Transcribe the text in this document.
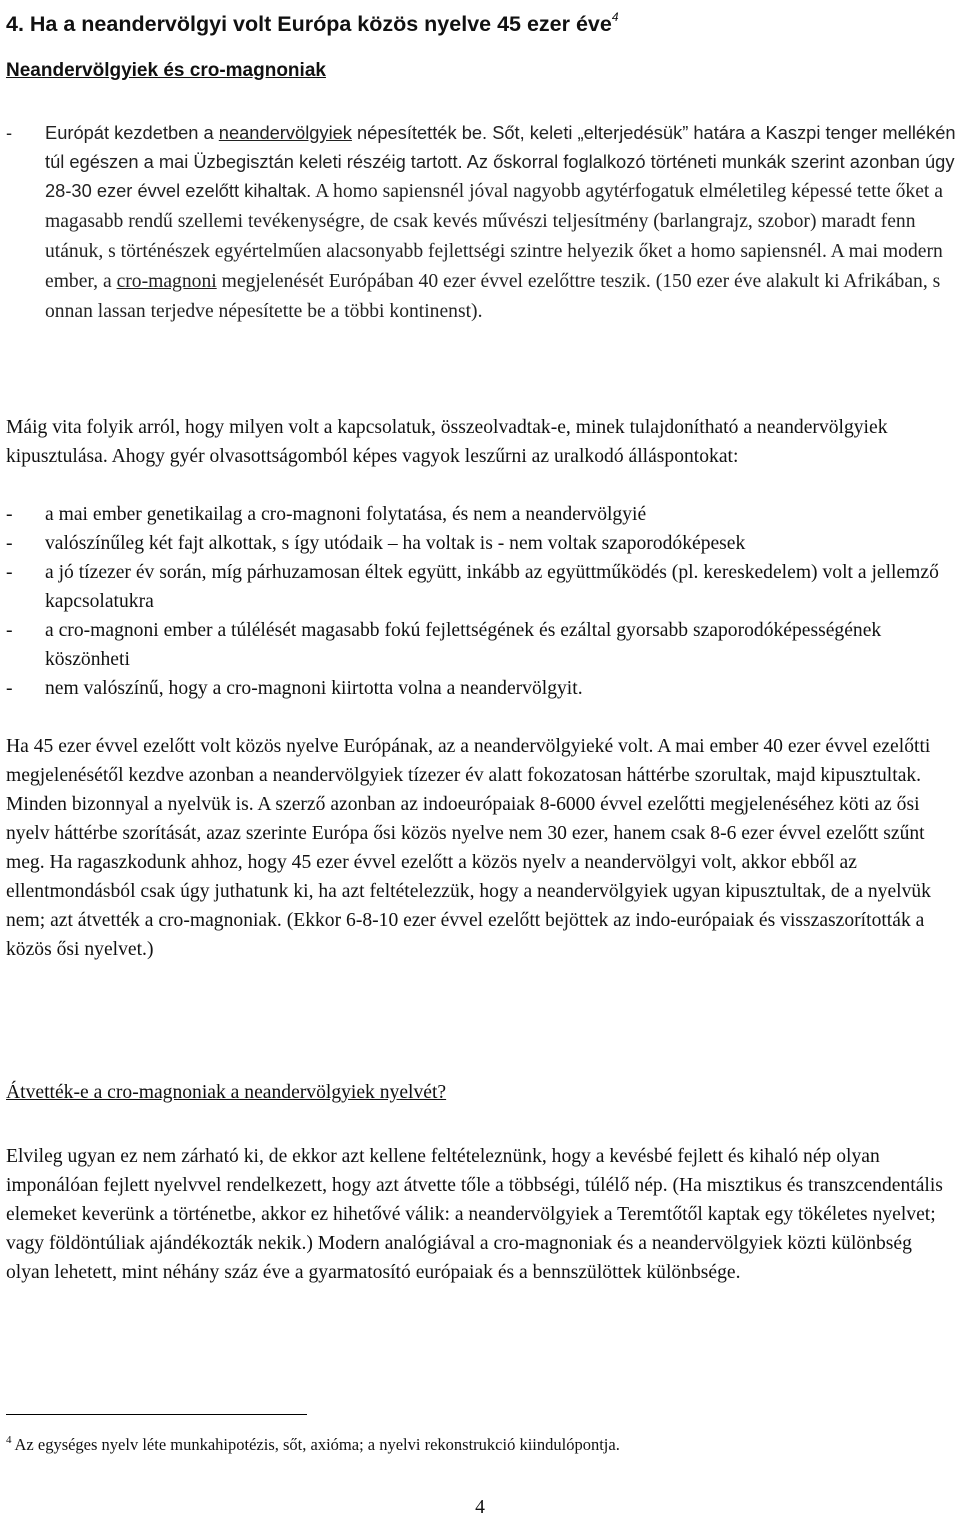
4. Ha a neandervölgyi volt Európa közös nyelve 45 ezer éve$^4$
Neandervölgyiek és cro-magnoniak
- Európát kezdetben a neandervölgyiek népesítették be. Sőt, keleti „elterjedésük” határa a Kaszpi tenger mellékén túl egészen a mai Üzbegisztán keleti részéig tartott. Az őskorral foglalkozó történeti munkák szerint azonban úgy 28-30 ezer évvel ezelőtt kihaltak. A homo sapiensnél jóval nagyobb agytérfogatuk elméletileg képessé tette őket a magasabb rendű szellemi tevékenységre, de csak kevés művészi teljesítmény (barlangrajz, szobor) maradt fenn utánuk, s történészek egyértelműen alacsonyabb fejlettségi szintre helyezik őket a homo sapiensnél. A mai modern ember, a cro-magnoni megjelenését Európában 40 ezer évvel ezelőttre teszik. (150 ezer éve alakult ki Afrikában, s onnan lassan terjedve népesítette be a többi kontinenst).

Máig vita folyik arról, hogy milyen volt a kapcsolatuk, összeolvadtak-e, minek tulajdonítható a neandervölgyiek kipusztulása. Ahogy gyér olvasottságomból képes vagyok leszűrni az uralkodó álláspontokat:

- a mai ember genetikailag a cro-magnoni folytatása, és nem a neandervölgyié
- valószínűleg két fajt alkottak, s így utódaik – ha voltak is - nem voltak szaporodóképesek
- a jó tízezer év során, míg párhuzamosan éltek együtt, inkább az együttműködés (pl. kereskedelem) volt a jellemző kapcsolatukra
- a cro-magnoni ember a túlélését magasabb fokú fejlettségének és ezáltal gyorsabb szaporodóképességének köszönheti
- nem valószínű, hogy a cro-magnoni kiirtotta volna a neandervölgyit.

Ha 45 ezer évvel ezelőtt volt közös nyelve Európának, az a neandervölgyieké volt. A mai ember 40 ezer évvel ezelőtti megjelenésétől kezdve azonban a neandervölgyiek tízezer év alatt fokozatosan háttérbe szorultak, majd kipusztultak. Minden bizonnyal a nyelvük is. A szerző azonban az indoeurópaiak 8-6000 évvel ezelőtti megjelenéséhez köti az ősi nyelv háttérbe szorítását, azaz szerinte Európa ősi közös nyelve nem 30 ezer, hanem csak 8-6 ezer évvel ezelőtt szűnt meg. Ha ragaszkodunk ahhoz, hogy 45 ezer évvel ezelőtt a közös nyelv a neandervölgyi volt, akkor ebből az ellentmondásból csak úgy juthatunk ki, ha azt feltételezzük, hogy a neandervölgyiek ugyan kipusztultak, de a nyelvük nem; azt átvették a cro-magnoniak. (Ekkor 6-8-10 ezer évvel ezelőtt bejöttek az indo-európaiak és visszaszorították a közös ősi nyelvet.)

Átvették-e a cro-magnoniak a neandervölgyiek nyelvét?

Elvileg ugyan ez nem zárható ki, de ekkor azt kellene feltételeznünk, hogy a kevésbé fejlett és kihaló nép olyan imponálóan fejlett nyelvvel rendelkezett, hogy azt átvette tőle a többségi, túlélő nép. (Ha misztikus és transzcendentális elemeket keverünk a történetbe, akkor ez hihetővé válik: a neandervölgyiek a Teremtőtől kaptak egy tökéletes nyelvet; vagy földöntúliak ajándékozták nekik.) Modern analógiával a cro-magnoniak és a neandervölgyiek közti különbség olyan lehetett, mint néhány száz éve a gyarmatosító európaiak és a bennszülöttek különbsége.

$^4$ Az egységes nyelv léte munkahipotézis, sőt, axióma; a nyelvi rekonstrukció kiindulópontja.

4
